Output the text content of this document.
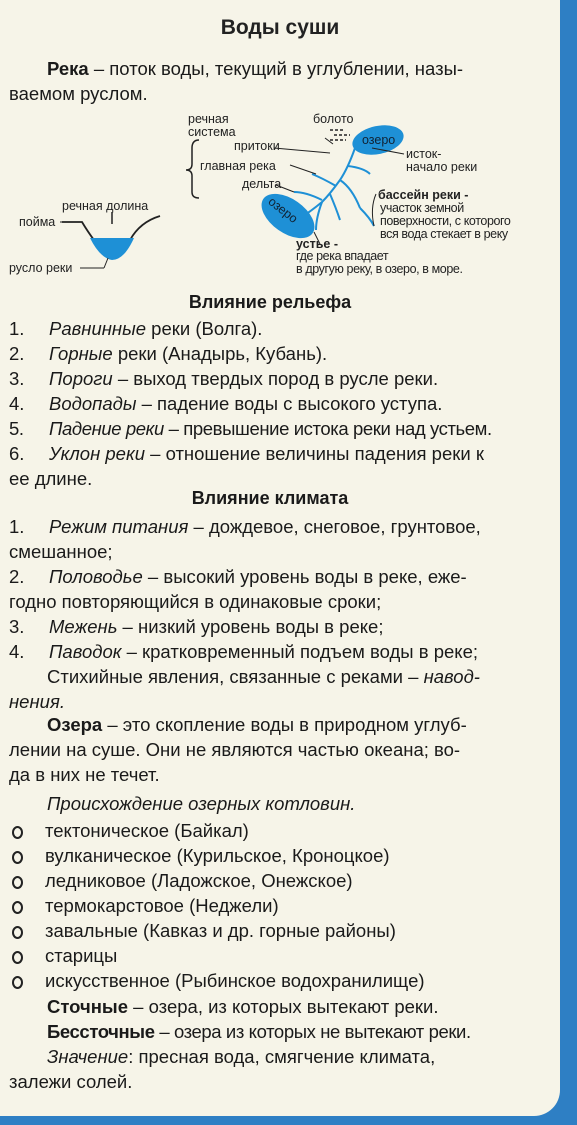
Воды суши
Река – поток воды, текущий в углублении, назы-
ваемом руслом.
речная
система
притоки
главная река
дельта
болото
озеро
озеро
исток-
начало реки
бассейн реки -
участок земной
поверхности, с которого
вся вода стекает в реку
устье -
где река впадает
в другую реку, в озеро, в море.
речная долина
пойма
русло реки
Влияние рельефа
1. Равнинные реки (Волга).
2. Горные реки (Анадырь, Кубань).
3. Пороги – выход твердых пород в русле реки.
4. Водопады – падение воды с высокого уступа.
5. Падение реки – превышение истока реки над устьем.
6. Уклон реки – отношение величины падения реки к
ее длине.
Влияние климата
1. Режим питания – дождевое, снеговое, грунтовое,
смешанное;
2. Половодье – высокий уровень воды в реке, еже-
годно повторяющийся в одинаковые сроки;
3. Межень – низкий уровень воды в реке;
4. Паводок – кратковременный подъем воды в реке;
Стихийные явления, связанные с реками – навод-
нения.
Озера – это скопление воды в природном углуб-
лении на суше. Они не являются частью океана; во-
да в них не течет.
Происхождение озерных котловин.
тектоническое (Байкал)
вулканическое (Курильское, Кроноцкое)
ледниковое (Ладожское, Онежское)
термокарстовое (Неджели)
завальные (Кавказ и др. горные районы)
старицы
искусственное (Рыбинское водохранилище)
Сточные – озера, из которых вытекают реки.
Бессточные – озера из которых не вытекают реки.
Значение: пресная вода, смягчение климата,
залежи солей.
